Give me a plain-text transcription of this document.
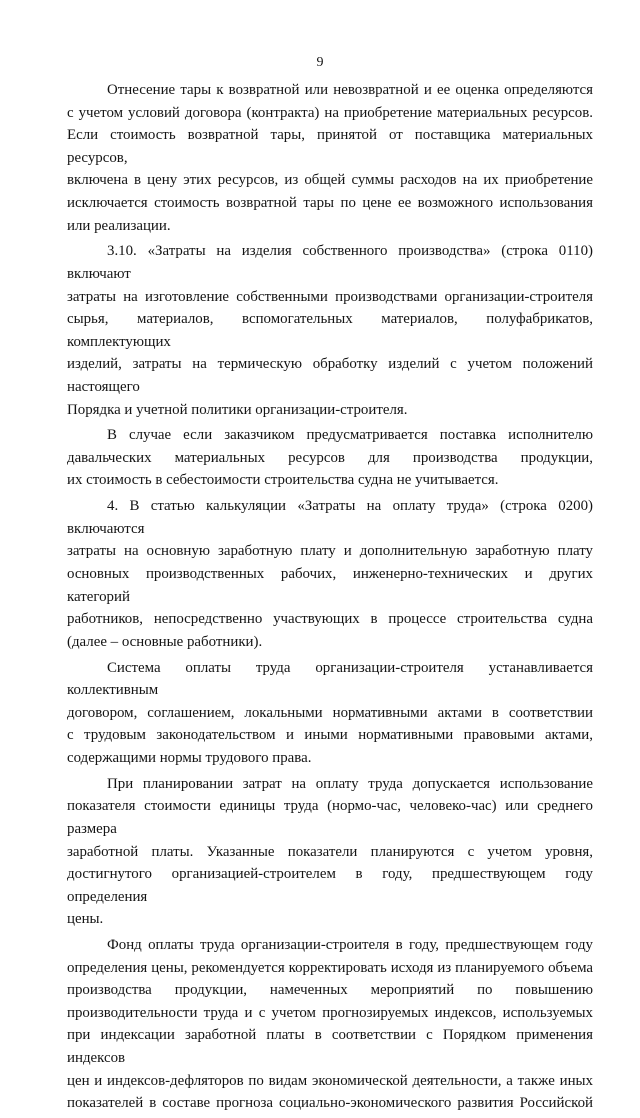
9
Отнесение тары к возвратной или невозвратной и ее оценка определяются
с учетом условий договора (контракта) на приобретение материальных ресурсов.
Если стоимость возвратной тары, принятой от поставщика материальных ресурсов,
включена в цену этих ресурсов, из общей суммы расходов на их приобретение
исключается стоимость возвратной тары по цене ее возможного использования
или реализации.
3.10. «Затраты на изделия собственного производства» (строка 0110) включают
затраты на изготовление собственными производствами организации-строителя
сырья, материалов, вспомогательных материалов, полуфабрикатов, комплектующих
изделий, затраты на термическую обработку изделий с учетом положений настоящего
Порядка и учетной политики организации-строителя.
В случае если заказчиком предусматривается поставка исполнителю
давальческих материальных ресурсов для производства продукции,
их стоимость в себестоимости строительства судна не учитывается.
4. В статью калькуляции «Затраты на оплату труда» (строка 0200) включаются
затраты на основную заработную плату и дополнительную заработную плату
основных производственных рабочих, инженерно-технических и других категорий
работников, непосредственно участвующих в процессе строительства судна
(далее – основные работники).
Система оплаты труда организации-строителя устанавливается коллективным
договором, соглашением, локальными нормативными актами в соответствии
с трудовым законодательством и иными нормативными правовыми актами,
содержащими нормы трудового права.
При планировании затрат на оплату труда допускается использование
показателя стоимости единицы труда (нормо-час, человеко-час) или среднего размера
заработной платы. Указанные показатели планируются с учетом уровня,
достигнутого организацией-строителем в году, предшествующем году определения
цены.
Фонд оплаты труда организации-строителя в году, предшествующем году
определения цены, рекомендуется корректировать исходя из планируемого объема
производства продукции, намеченных мероприятий по повышению
производительности труда и с учетом прогнозируемых индексов, используемых
при индексации заработной платы в соответствии с Порядком применения индексов
цен и индексов-дефляторов по видам экономической деятельности, а также иных
показателей в составе прогноза социально-экономического развития Российской
